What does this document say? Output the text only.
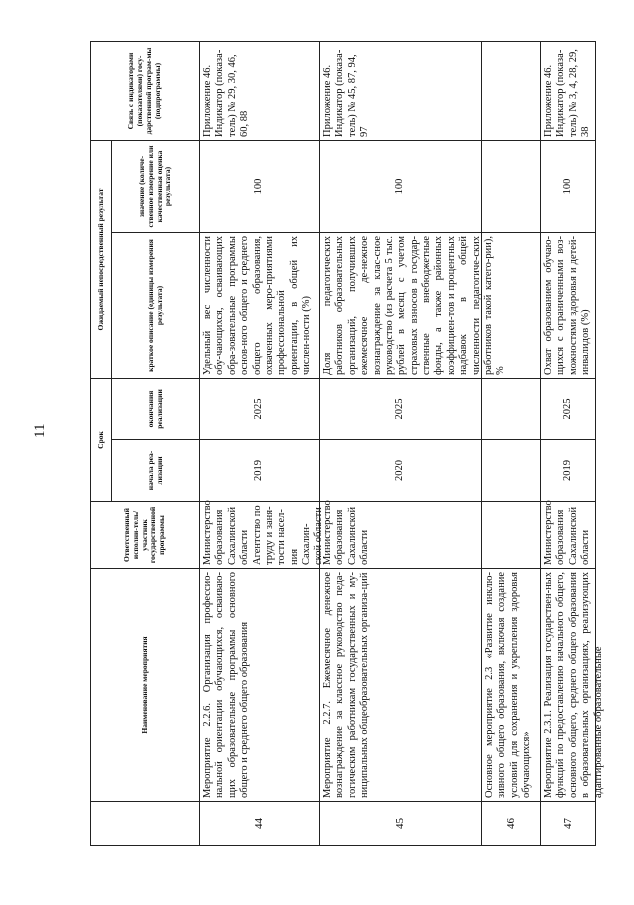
11
Наименование мероприятия
Ответственный исполни-тель/участник государственной программы
Срок
начала реа-лизации
окончания реализации
Ожидаемый непосредственный результат	краткое описание (единицы измерения результата)
значение (количе-ственное измерение или качественная оценка результата)
Связь с индикаторами (показателями) госу-дарственной програм-мы (подпрограммы)
44
Мероприятие 2.2.6. Организация профессио-нальной ориентации обучающихся, осваиваю-щих образовательные программы основного общего и среднего общего образования
Министерство образования Сахалинской области Агентство по труду и заня-тости насел-ния Сахалин-ской области
2019
2025
Удельный вес численности обу-чающихся, осваивающих обра-зовательные программы основ-ного общего и среднего общего образования, охваченных меро-приятиями профессиональной ориентации, в общей их числен-ности (%)
100
Приложение 46. Индикатор (показа-тель) № 29, 30, 46, 60, 88
45
Мероприятие 2.2.7. Ежемесячное денежное вознаграждение за классное руководство педа-гогическим работникам государственных и му-ниципальных общеобразовательных организа-ций
Министерство образования Сахалинской области
2020
2025
Доля педагогических работников образовательных организаций, получивших ежемесячное де-нежное вознаграждение за клас-сное руководство (из расчета 5 тыс. рублей в месяц с учетом страховых взносов в государ-ственные внебюджетные фонды, а также районных коэффициен-тов и процентных надбавок в общей численности педагогиче-ских работников такой катего-рии), %
100
Приложение 46. Индикатор (показа-тель) № 45, 87, 94, 97
46
Основное мероприятие 2.3 «Развитие инклю-зивного общего образования, включая создание условий для сохранения и укрепления здоровья обучающихся»
47
Мероприятие 2.3.1. Реализация государствен-ных функций по предоставлению начального общего, основного общего, среднего общего образования в образовательных организациях, реализующих адаптированные образовательные
Министерство образования Сахалинской области
2019
2025
Охват образованием обучаю-щихся с ограниченными воз-можностями здоровья и детей-инвалидов (%)
100
Приложение 46. Индикатор (показа-тель) № 3, 4, 28, 29, 38
